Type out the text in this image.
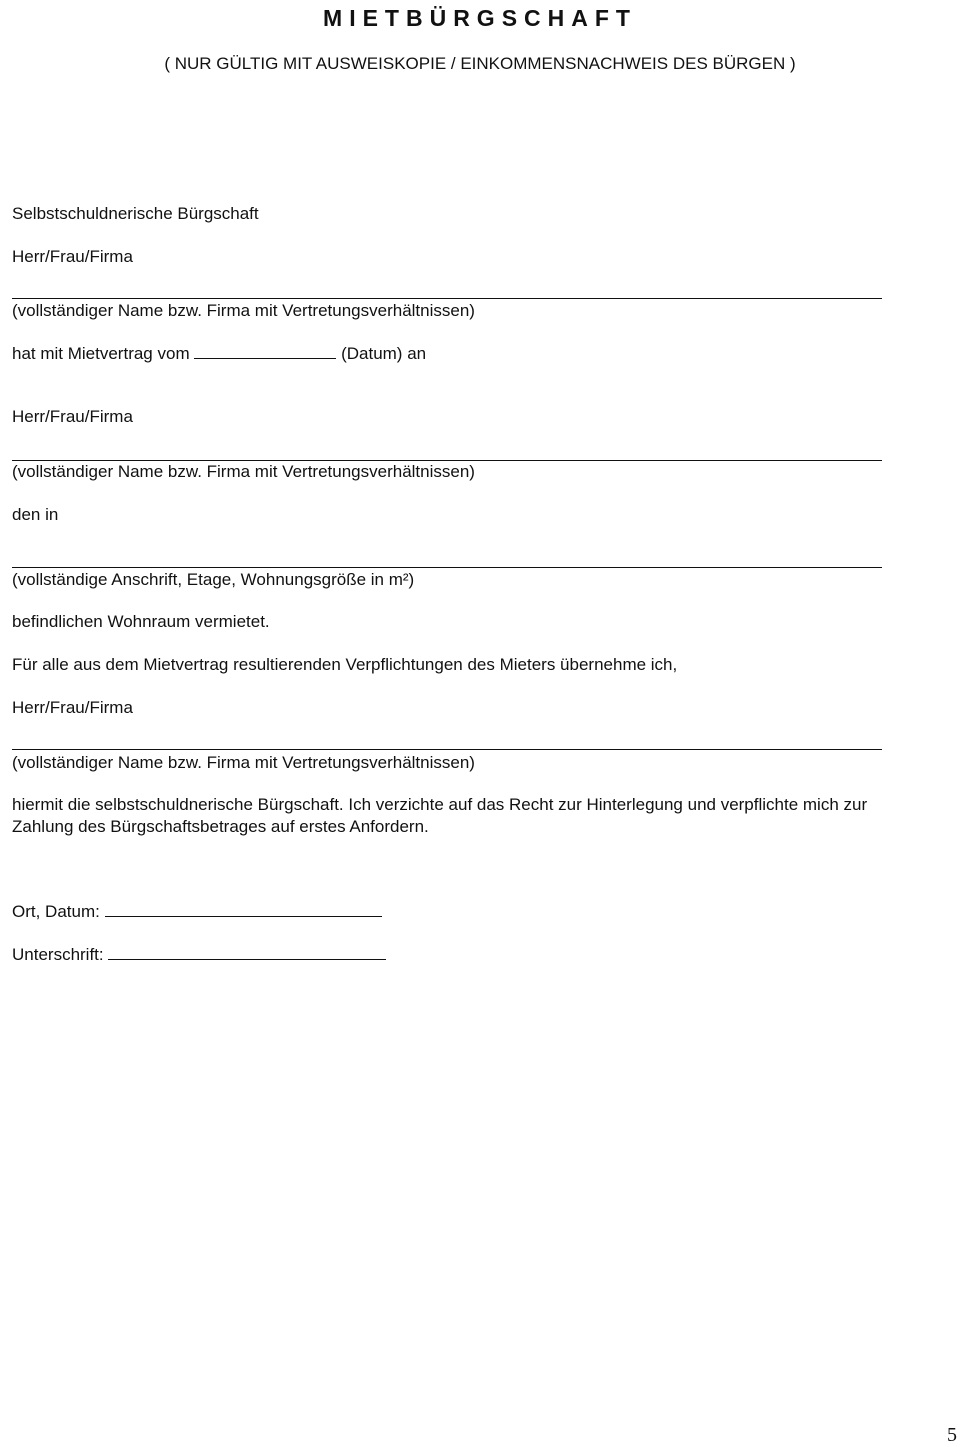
MIETBÜRGSCHAFT
( NUR GÜLTIG MIT AUSWEISKOPIE / EINKOMMENSNACHWEIS DES BÜRGEN )
Selbstschuldnerische Bürgschaft
Herr/Frau/Firma
(vollständiger Name bzw. Firma mit Vertretungsverhältnissen)
hat mit Mietvertrag vom	(Datum) an
Herr/Frau/Firma
(vollständiger Name bzw. Firma mit Vertretungsverhältnissen)
den in
(vollständige Anschrift, Etage, Wohnungsgröße in m²)
befindlichen Wohnraum vermietet.
Für alle aus dem Mietvertrag resultierenden Verpflichtungen des Mieters übernehme ich,
Herr/Frau/Firma
(vollständiger Name bzw. Firma mit Vertretungsverhältnissen)
hiermit die selbstschuldnerische Bürgschaft. Ich verzichte auf das Recht zur Hinterlegung und verpflichte mich zur
Zahlung des Bürgschaftsbetrages auf erstes Anfordern.
Ort, Datum:
Unterschrift:
5
